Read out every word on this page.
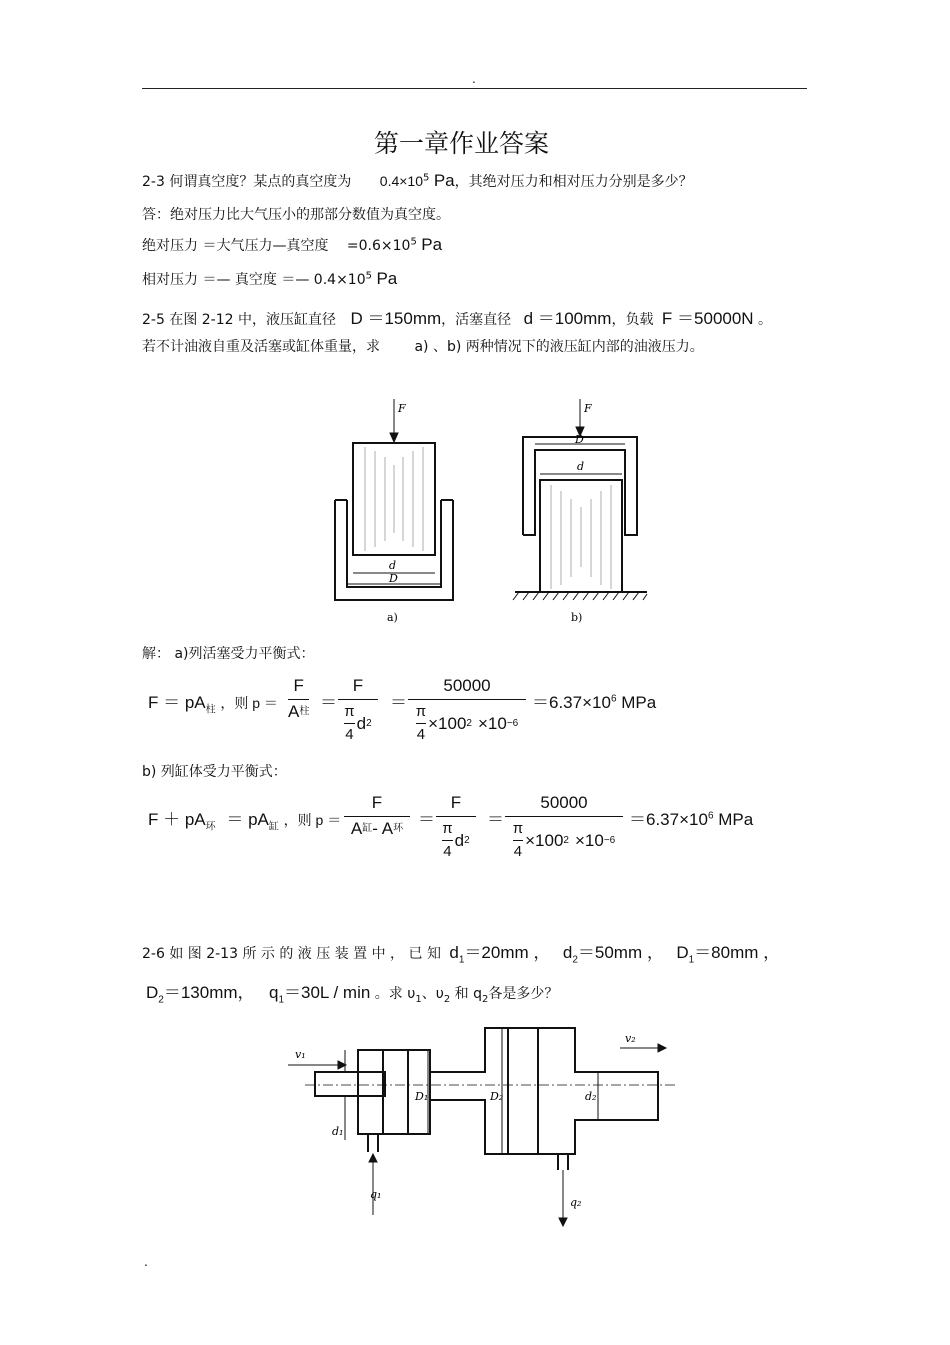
.
第一章作业答案
2-3 何谓真空度？某点的真空度为 $0.4\times 10^5$ Pa，其绝对压力和相对压力分别是多少？
答：绝对压力比大气压小的那部分数值为真空度。
绝对压力 ＝大气压力—真空度 $=0.6\times 10^5$ Pa
相对压力 ＝— 真空度 ＝— $0.4\times 10^5$ Pa
2-5 在图 2-12 中，液压缸直径 D ＝150mm，活塞直径 d ＝100mm，负载 F ＝50000N 。
若不计油液自重及活塞或缸体重量，求 a) 、b) 两种情况下的液压缸内部的油液压力。
F
d
D
a)
F
D
d
b)
解： a)列活塞受力平衡式：
$F = pA_柱$ ，则 p ＝
F
A 柱 ＝
F
π
4
d 2
＝
50000
π
4
×100 2 ×10 −6
$=6.37\times 10^6$ MPa
b) 列缸体受力平衡式：
$F + pA_环 = pA_缸$ ，则 p ＝
F
A 缸 - A 环 ＝
F
π
4
d 2
＝
50000
π
4
×100 2 ×10 −6
$=6.37\times 10^6$ MPa
2-6 如 图 2-13 所 示 的 液 压 装 置 中 ， 已 知 $d_1=20mm$ ， $d_2=50mm$ ， $D_1=80mm$ ，
$D_2=130mm$， $q_1=30L / \min$ 。求 $\upsilon_1$、$\upsilon_2$ 和 $q_2$各是多少？
v₁
v₂
d₁
D₁	D₂	d₂
q₁
q₂
.
